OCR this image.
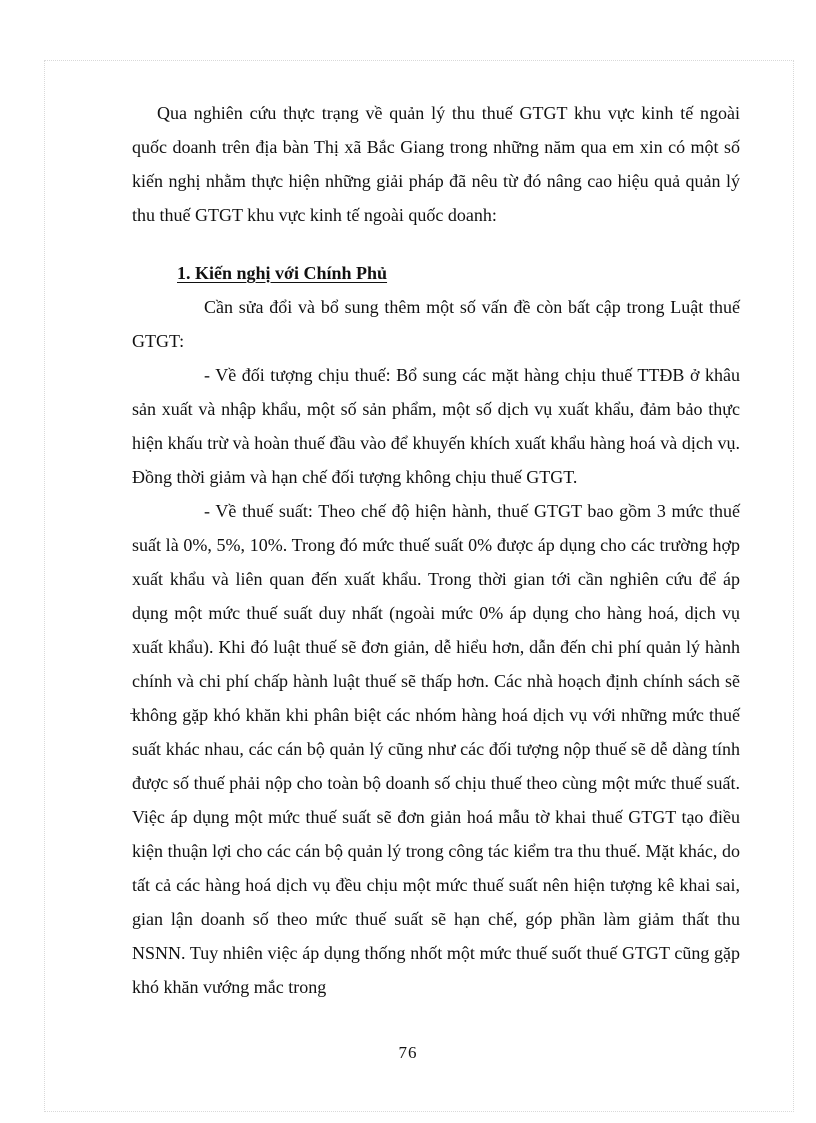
Qua nghiên cứu thực trạng về quản lý thu thuế GTGT khu vực kinh tế ngoài quốc doanh trên địa bàn Thị xã Bắc Giang trong những năm qua em xin có một số kiến nghị nhằm thực hiện những giải pháp đã nêu từ đó nâng cao hiệu quả quản lý thu thuế GTGT khu vực kinh tế ngoài quốc doanh:

1. Kiến nghị với Chính Phủ

Cần sửa đổi và bổ sung thêm một số vấn đề còn bất cập trong Luật thuế GTGT:

- Về đối tượng chịu thuế: Bổ sung các mặt hàng chịu thuế TTĐB ở khâu sản xuất và nhập khẩu, một số sản phẩm, một số dịch vụ xuất khẩu, đảm bảo thực hiện khấu trừ và hoàn thuế đầu vào để khuyến khích xuất khẩu hàng hoá và dịch vụ. Đồng thời giảm và hạn chế đối tượng không chịu thuế GTGT.

- Về thuế suất: Theo chế độ hiện hành, thuế GTGT bao gồm 3 mức thuế suất là 0%, 5%, 10%. Trong đó mức thuế suất 0% được áp dụng cho các trường hợp xuất khẩu và liên quan đến xuất khẩu. Trong thời gian tới cần nghiên cứu để áp dụng một mức thuế suất duy nhất (ngoài mức 0% áp dụng cho hàng hoá, dịch vụ xuất khẩu). Khi đó luật thuế sẽ đơn giản, dễ hiểu hơn, dẫn đến chi phí quản lý hành chính và chi phí chấp hành luật thuế sẽ thấp hơn. Các nhà hoạch định chính sách sẽ không gặp khó khăn khi phân biệt các nhóm hàng hoá dịch vụ với những mức thuế suất khác nhau, các cán bộ quản lý cũng như các đối tượng nộp thuế sẽ dễ dàng tính được số thuế phải nộp cho toàn bộ doanh số chịu thuế theo cùng một mức thuế suất. Việc áp dụng một mức thuế suất sẽ đơn giản hoá mẫu tờ khai thuế GTGT tạo điều kiện thuận lợi cho các cán bộ quản lý trong công tác kiểm tra thu thuế. Mặt khác, do tất cả các hàng hoá dịch vụ đều chịu một mức thuế suất nên hiện tượng kê khai sai, gian lận doanh số theo mức thuế suất sẽ hạn chế, góp phần làm giảm thất thu NSNN. Tuy nhiên việc áp dụng thống nhốt một mức thuế suốt thuế GTGT cũng gặp khó khăn vướng mắc trong

76
